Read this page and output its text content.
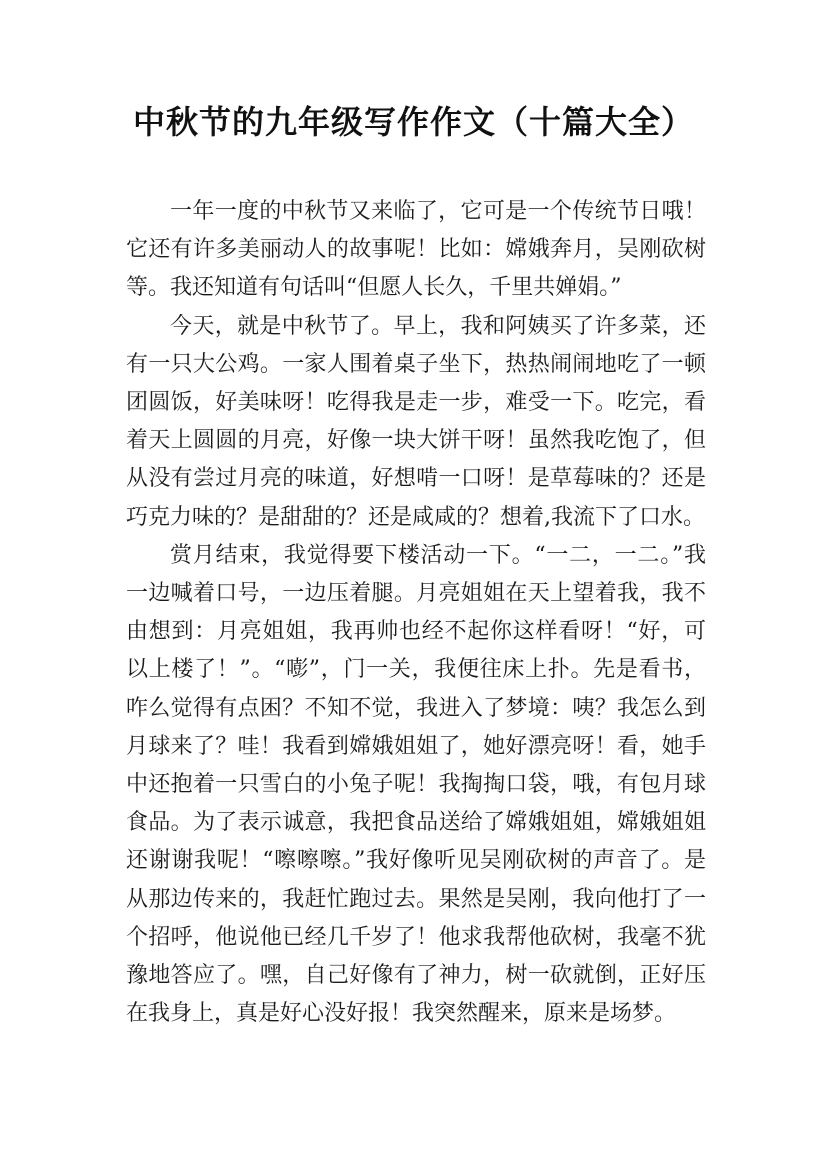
中秋节的九年级写作作文（十篇大全）

一年一度的中秋节又来临了，它可是一个传统节日哦！它还有许多美丽动人的故事呢！比如：嫦娥奔月，吴刚砍树等。我还知道有句话叫“但愿人长久，千里共婵娟。”

今天，就是中秋节了。早上，我和阿姨买了许多菜，还有一只大公鸡。一家人围着桌子坐下，热热闹闹地吃了一顿团圆饭，好美味呀！吃得我是走一步，难受一下。吃完，看着天上圆圆的月亮，好像一块大饼干呀！虽然我吃饱了，但从没有尝过月亮的味道，好想啃一口呀！是草莓味的？还是巧克力味的？是甜甜的？还是咸咸的？想着,我流下了口水。

赏月结束，我觉得要下楼活动一下。“一二，一二。”我一边喊着口号，一边压着腿。月亮姐姐在天上望着我，我不由想到：月亮姐姐，我再帅也经不起你这样看呀！“好，可以上楼了！”。“嘭”，门一关，我便往床上扑。先是看书，咋么觉得有点困？不知不觉，我进入了梦境：咦？我怎么到月球来了？哇！我看到嫦娥姐姐了，她好漂亮呀！看，她手中还抱着一只雪白的小兔子呢！我掏掏口袋，哦，有包月球食品。为了表示诚意，我把食品送给了嫦娥姐姐，嫦娥姐姐还谢谢我呢！“嚓嚓嚓。”我好像听见吴刚砍树的声音了。是从那边传来的，我赶忙跑过去。果然是吴刚，我向他打了一个招呼，他说他已经几千岁了！他求我帮他砍树，我毫不犹豫地答应了。嘿，自己好像有了神力，树一砍就倒，正好压在我身上，真是好心没好报！我突然醒来，原来是场梦。
